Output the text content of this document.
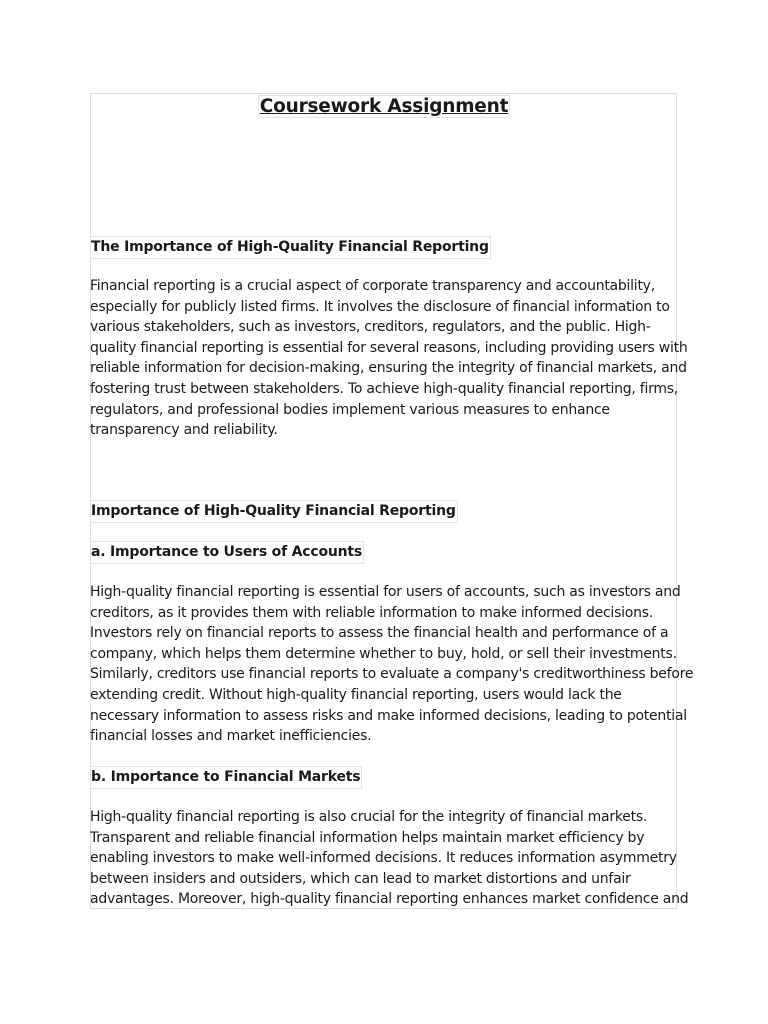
Coursework Assignment
The Importance of High-Quality Financial Reporting
Financial reporting is a crucial aspect of corporate transparency and accountability,
especially for publicly listed firms. It involves the disclosure of financial information to
various stakeholders, such as investors, creditors, regulators, and the public. High-
quality financial reporting is essential for several reasons, including providing users with
reliable information for decision-making, ensuring the integrity of financial markets, and
fostering trust between stakeholders. To achieve high-quality financial reporting, firms,
regulators, and professional bodies implement various measures to enhance
transparency and reliability.
Importance of High-Quality Financial Reporting
a. Importance to Users of Accounts
High-quality financial reporting is essential for users of accounts, such as investors and
creditors, as it provides them with reliable information to make informed decisions.
Investors rely on financial reports to assess the financial health and performance of a
company, which helps them determine whether to buy, hold, or sell their investments.
Similarly, creditors use financial reports to evaluate a company's creditworthiness before
extending credit. Without high-quality financial reporting, users would lack the
necessary information to assess risks and make informed decisions, leading to potential
financial losses and market inefficiencies.
b. Importance to Financial Markets
High-quality financial reporting is also crucial for the integrity of financial markets.
Transparent and reliable financial information helps maintain market efficiency by
enabling investors to make well-informed decisions. It reduces information asymmetry
between insiders and outsiders, which can lead to market distortions and unfair
advantages. Moreover, high-quality financial reporting enhances market confidence and
